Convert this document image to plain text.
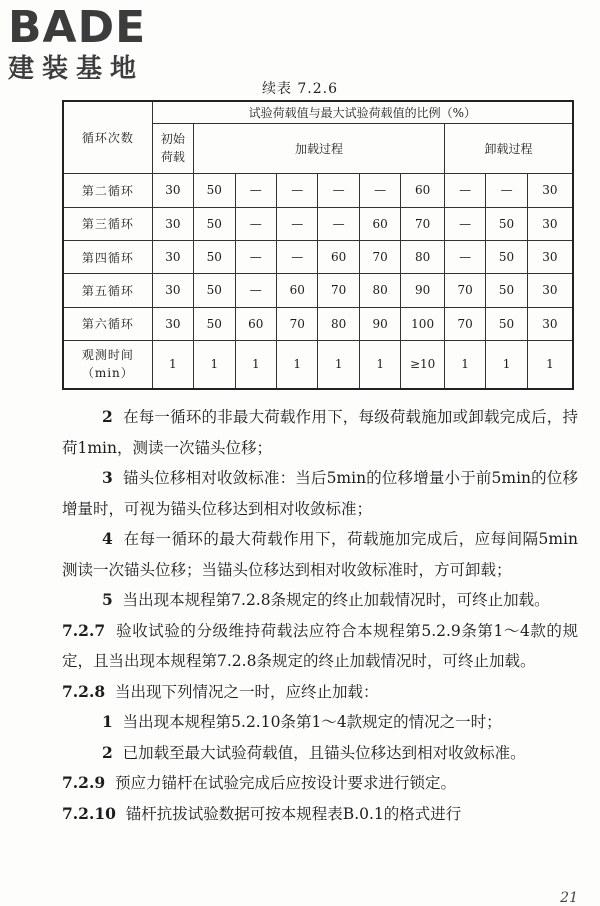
BADE
建装基地
续表 7.2.6
循环次数	试验荷载值与最大试验荷载值的比例（%）									
	初始荷载	加载过程						卸载过程		
第二循环	30	50	—	—	—	—	60	—	—	30
第三循环	30	50	—	—	—	60	70	—	50	30
第四循环	30	50	—	—	60	70	80	—	50	30
第五循环	30	50	—	60	70	80	90	70	50	30
第六循环	30	50	60	70	80	90	100	70	50	30
观测时间（min）	1	1	1	1	1	1	≥10	1	1	1

2 在每一循环的非最大荷载作用下，每级荷载施加或卸载完成后，持荷1min，测读一次锚头位移；

3 锚头位移相对收敛标准：当后5min的位移增量小于前5min的位移增量时，可视为锚头位移达到相对收敛标准；

4 在每一循环的最大荷载作用下，荷载施加完成后，应每间隔5min测读一次锚头位移；当锚头位移达到相对收敛标准时，方可卸载；

5 当出现本规程第7.2.8条规定的终止加载情况时，可终止加载。

7.2.7 验收试验的分级维持荷载法应符合本规程第5.2.9条第1～4款的规定，且当出现本规程第7.2.8条规定的终止加载情况时，可终止加载。

7.2.8 当出现下列情况之一时，应终止加载：

1 当出现本规程第5.2.10条第1～4款规定的情况之一时；

2 已加载至最大试验荷载值，且锚头位移达到相对收敛标准。

7.2.9 预应力锚杆在试验完成后应按设计要求进行锁定。

7.2.10 锚杆抗拔试验数据可按本规程表B.0.1的格式进行

21
